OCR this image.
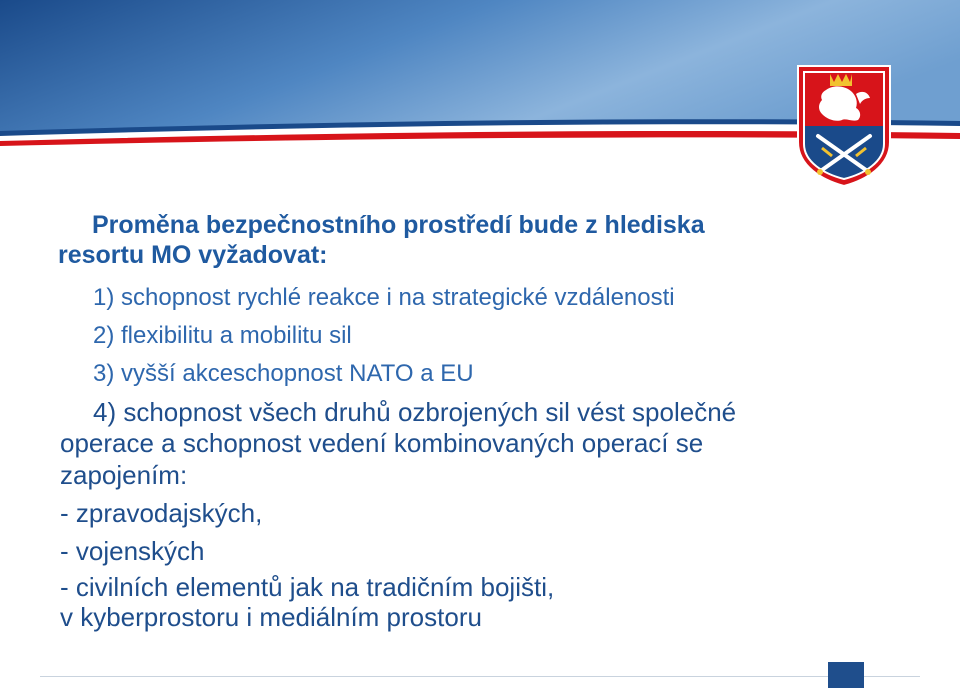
Proměna bezpečnostního prostředí bude z hlediska
resortu MO vyžadovat:
1) schopnost rychlé reakce i na strategické vzdálenosti
2) flexibilitu a mobilitu sil
3) vyšší akceschopnost NATO a EU
4) schopnost všech druhů ozbrojených sil vést společné
operace a schopnost vedení kombinovaných operací se
zapojením:
- zpravodajských,
- vojenských
- civilních elementů jak na tradičním bojišti,
v kyberprostoru i mediálním prostoru
